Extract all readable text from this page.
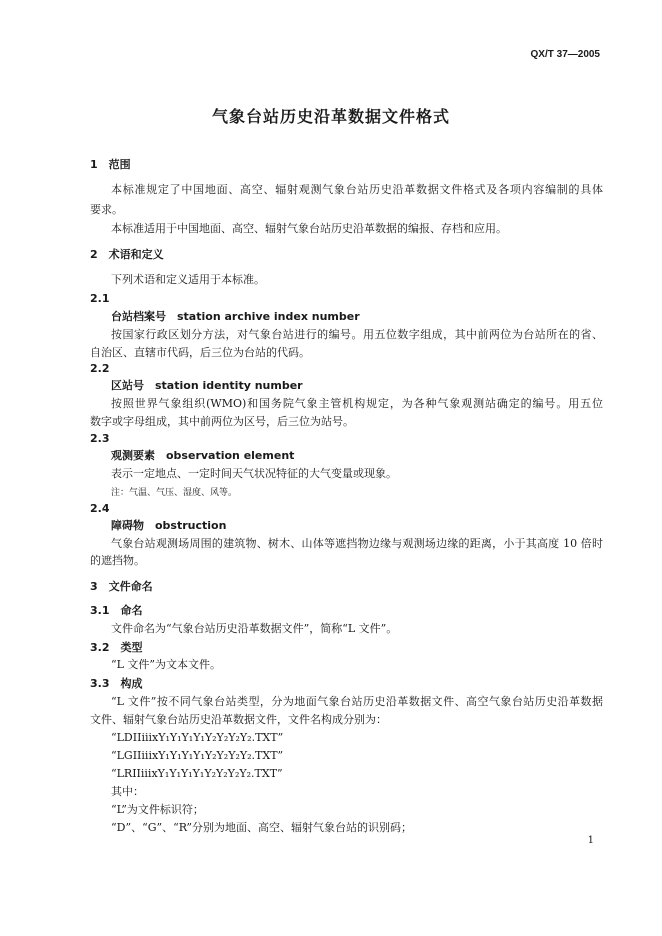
QX/T 37—2005
气象台站历史沿革数据文件格式
1　范围
本标准规定了中国地面、高空、辐射观测气象台站历史沿革数据文件格式及各项内容编制的具体
要求。
本标准适用于中国地面、高空、辐射气象台站历史沿革数据的编报、存档和应用。
2　术语和定义
下列术语和定义适用于本标准。
2.1
台站档案号　station archive index number
按国家行政区划分方法，对气象台站进行的编号。用五位数字组成，其中前两位为台站所在的省、
自治区、直辖市代码，后三位为台站的代码。
2.2
区站号　station identity number
按照世界气象组织(WMO)和国务院气象主管机构规定，为各种气象观测站确定的编号。用五位
数字或字母组成，其中前两位为区号，后三位为站号。
2.3
观测要素　observation element
表示一定地点、一定时间天气状况特征的大气变量或现象。
注：气温、气压、湿度、风等。
2.4
障碍物　obstruction
气象台站观测场周围的建筑物、树木、山体等遮挡物边缘与观测场边缘的距离，小于其高度 10 倍时
的遮挡物。
3　文件命名
3.1　命名
文件命名为“气象台站历史沿革数据文件”，简称“L 文件”。
3.2　类型
“L 文件”为文本文件。
3.3　构成
“L 文件”按不同气象台站类型，分为地面气象台站历史沿革数据文件、高空气象台站历史沿革数据
文件、辐射气象台站历史沿革数据文件，文件名构成分别为：
“LDIIiiixY₁Y₁Y₁Y₁Y₂Y₂Y₂Y₂.TXT”
“LGIIiiixY₁Y₁Y₁Y₁Y₂Y₂Y₂Y₂.TXT”
“LRIIiiixY₁Y₁Y₁Y₁Y₂Y₂Y₂Y₂.TXT”
其中：
“L”为文件标识符；
“D”、“G”、“R”分别为地面、高空、辐射气象台站的识别码；
1
